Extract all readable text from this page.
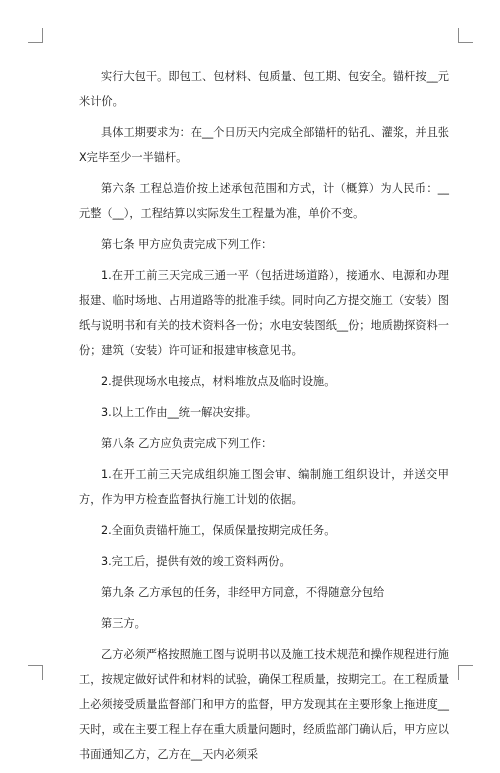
实行大包干。即包工、包材料、包质量、包工期、包安全。锚杆按__元米计价。

具体工期要求为：在__个日历天内完成全部锚杆的钻孔、灌浆，并且张X完毕至少一半锚杆。

第六条 工程总造价按上述承包范围和方式，计（概算）为人民币：__元整（__），工程结算以实际发生工程量为准，单价不变。

第七条 甲方应负责完成下列工作：

1.在开工前三天完成三通一平（包括进场道路），接通水、电源和办理报建、临时场地、占用道路等的批准手续。同时向乙方提交施工（安装）图纸与说明书和有关的技术资料各一份；水电安装图纸__份；地质勘探资料一份；建筑（安装）许可证和报建审核意见书。

2.提供现场水电接点，材料堆放点及临时设施。

3.以上工作由__统一解决安排。

第八条 乙方应负责完成下列工作：

1.在开工前三天完成组织施工图会审、编制施工组织设计，并送交甲方，作为甲方检查监督执行施工计划的依据。

2.全面负责锚杆施工，保质保量按期完成任务。

3.完工后，提供有效的竣工资料两份。

第九条 乙方承包的任务，非经甲方同意，不得随意分包给

第三方。

乙方必须严格按照施工图与说明书以及施工技术规范和操作规程进行施工，按规定做好试件和材料的试验，确保工程质量，按期完工。在工程质量上必须接受质量监督部门和甲方的监督，甲方发现其在主要形象上拖进度__天时，或在主要工程上存在重大质量问题时，经质监部门确认后，甲方应以书面通知乙方，乙方在__天内必须采
